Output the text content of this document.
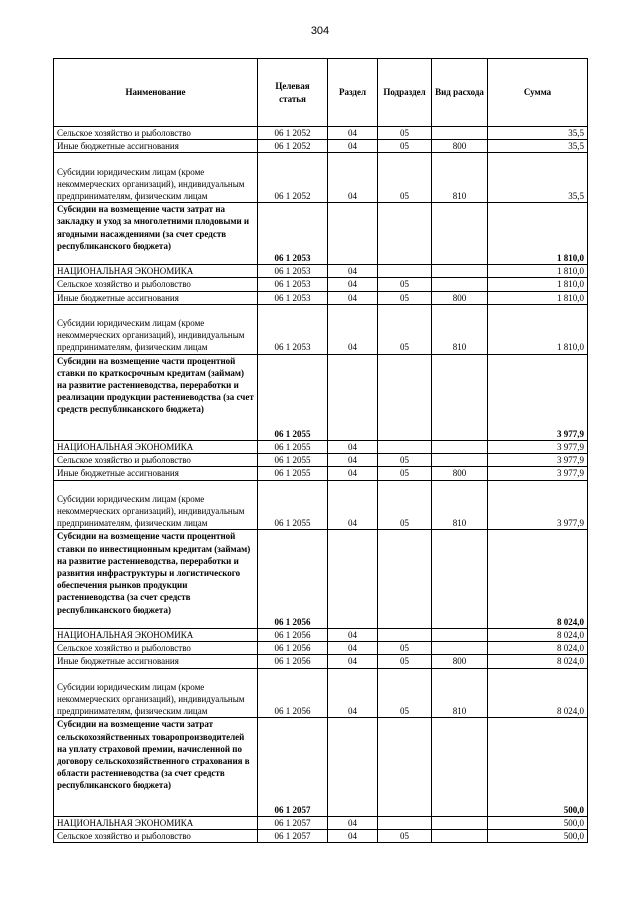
304
Наименование	Целевая статья	Раздел	Подраздел	Вид расхода	Сумма
Сельское хозяйство и рыболовство	06 1 2052	04	05		35,5
Иные бюджетные ассигнования	06 1 2052	04	05	800	35,5
Субсидии юридическим лицам (кроме некоммерческих организаций), индивидуальным предпринимателям, физическим лицам	06 1 2052	04	05	810	35,5
Субсидии на возмещение части затрат на закладку и уход за многолетними плодовыми и ягодными насаждениями (за счет средств республиканского бюджета)	06 1 2053				1 810,0
НАЦИОНАЛЬНАЯ ЭКОНОМИКА	06 1 2053	04			1 810,0
Сельское хозяйство и рыболовство	06 1 2053	04	05		1 810,0
Иные бюджетные ассигнования	06 1 2053	04	05	800	1 810,0
Субсидии юридическим лицам (кроме некоммерческих организаций), индивидуальным предпринимателям, физическим лицам	06 1 2053	04	05	810	1 810,0
Субсидии на возмещение части процентной ставки по краткосрочным кредитам (займам) на развитие растениеводства, переработки и реализации продукции растениеводства (за счет средств республиканского бюджета)	06 1 2055				3 977,9
НАЦИОНАЛЬНАЯ ЭКОНОМИКА	06 1 2055	04			3 977,9
Сельское хозяйство и рыболовство	06 1 2055	04	05		3 977,9
Иные бюджетные ассигнования	06 1 2055	04	05	800	3 977,9
Субсидии юридическим лицам (кроме некоммерческих организаций), индивидуальным предпринимателям, физическим лицам	06 1 2055	04	05	810	3 977,9
Субсидии на возмещение части процентной ставки по инвестиционным кредитам (займам) на развитие растениеводства, переработки и развития инфраструктуры и логистического обеспечения рынков продукции растениеводства (за счет средств республиканского бюджета)	06 1 2056				8 024,0
НАЦИОНАЛЬНАЯ ЭКОНОМИКА	06 1 2056	04			8 024,0
Сельское хозяйство и рыболовство	06 1 2056	04	05		8 024,0
Иные бюджетные ассигнования	06 1 2056	04	05	800	8 024,0
Субсидии юридическим лицам (кроме некоммерческих организаций), индивидуальным предпринимателям, физическим лицам	06 1 2056	04	05	810	8 024,0
Субсидии на возмещение части затрат сельскохозяйственных товаропроизводителей на уплату страховой премии, начисленной по договору сельскохозяйственного страхования в области растениеводства (за счет средств республиканского бюджета)	06 1 2057				500,0
НАЦИОНАЛЬНАЯ ЭКОНОМИКА	06 1 2057	04			500,0
Сельское хозяйство и рыболовство	06 1 2057	04	05		500,0
